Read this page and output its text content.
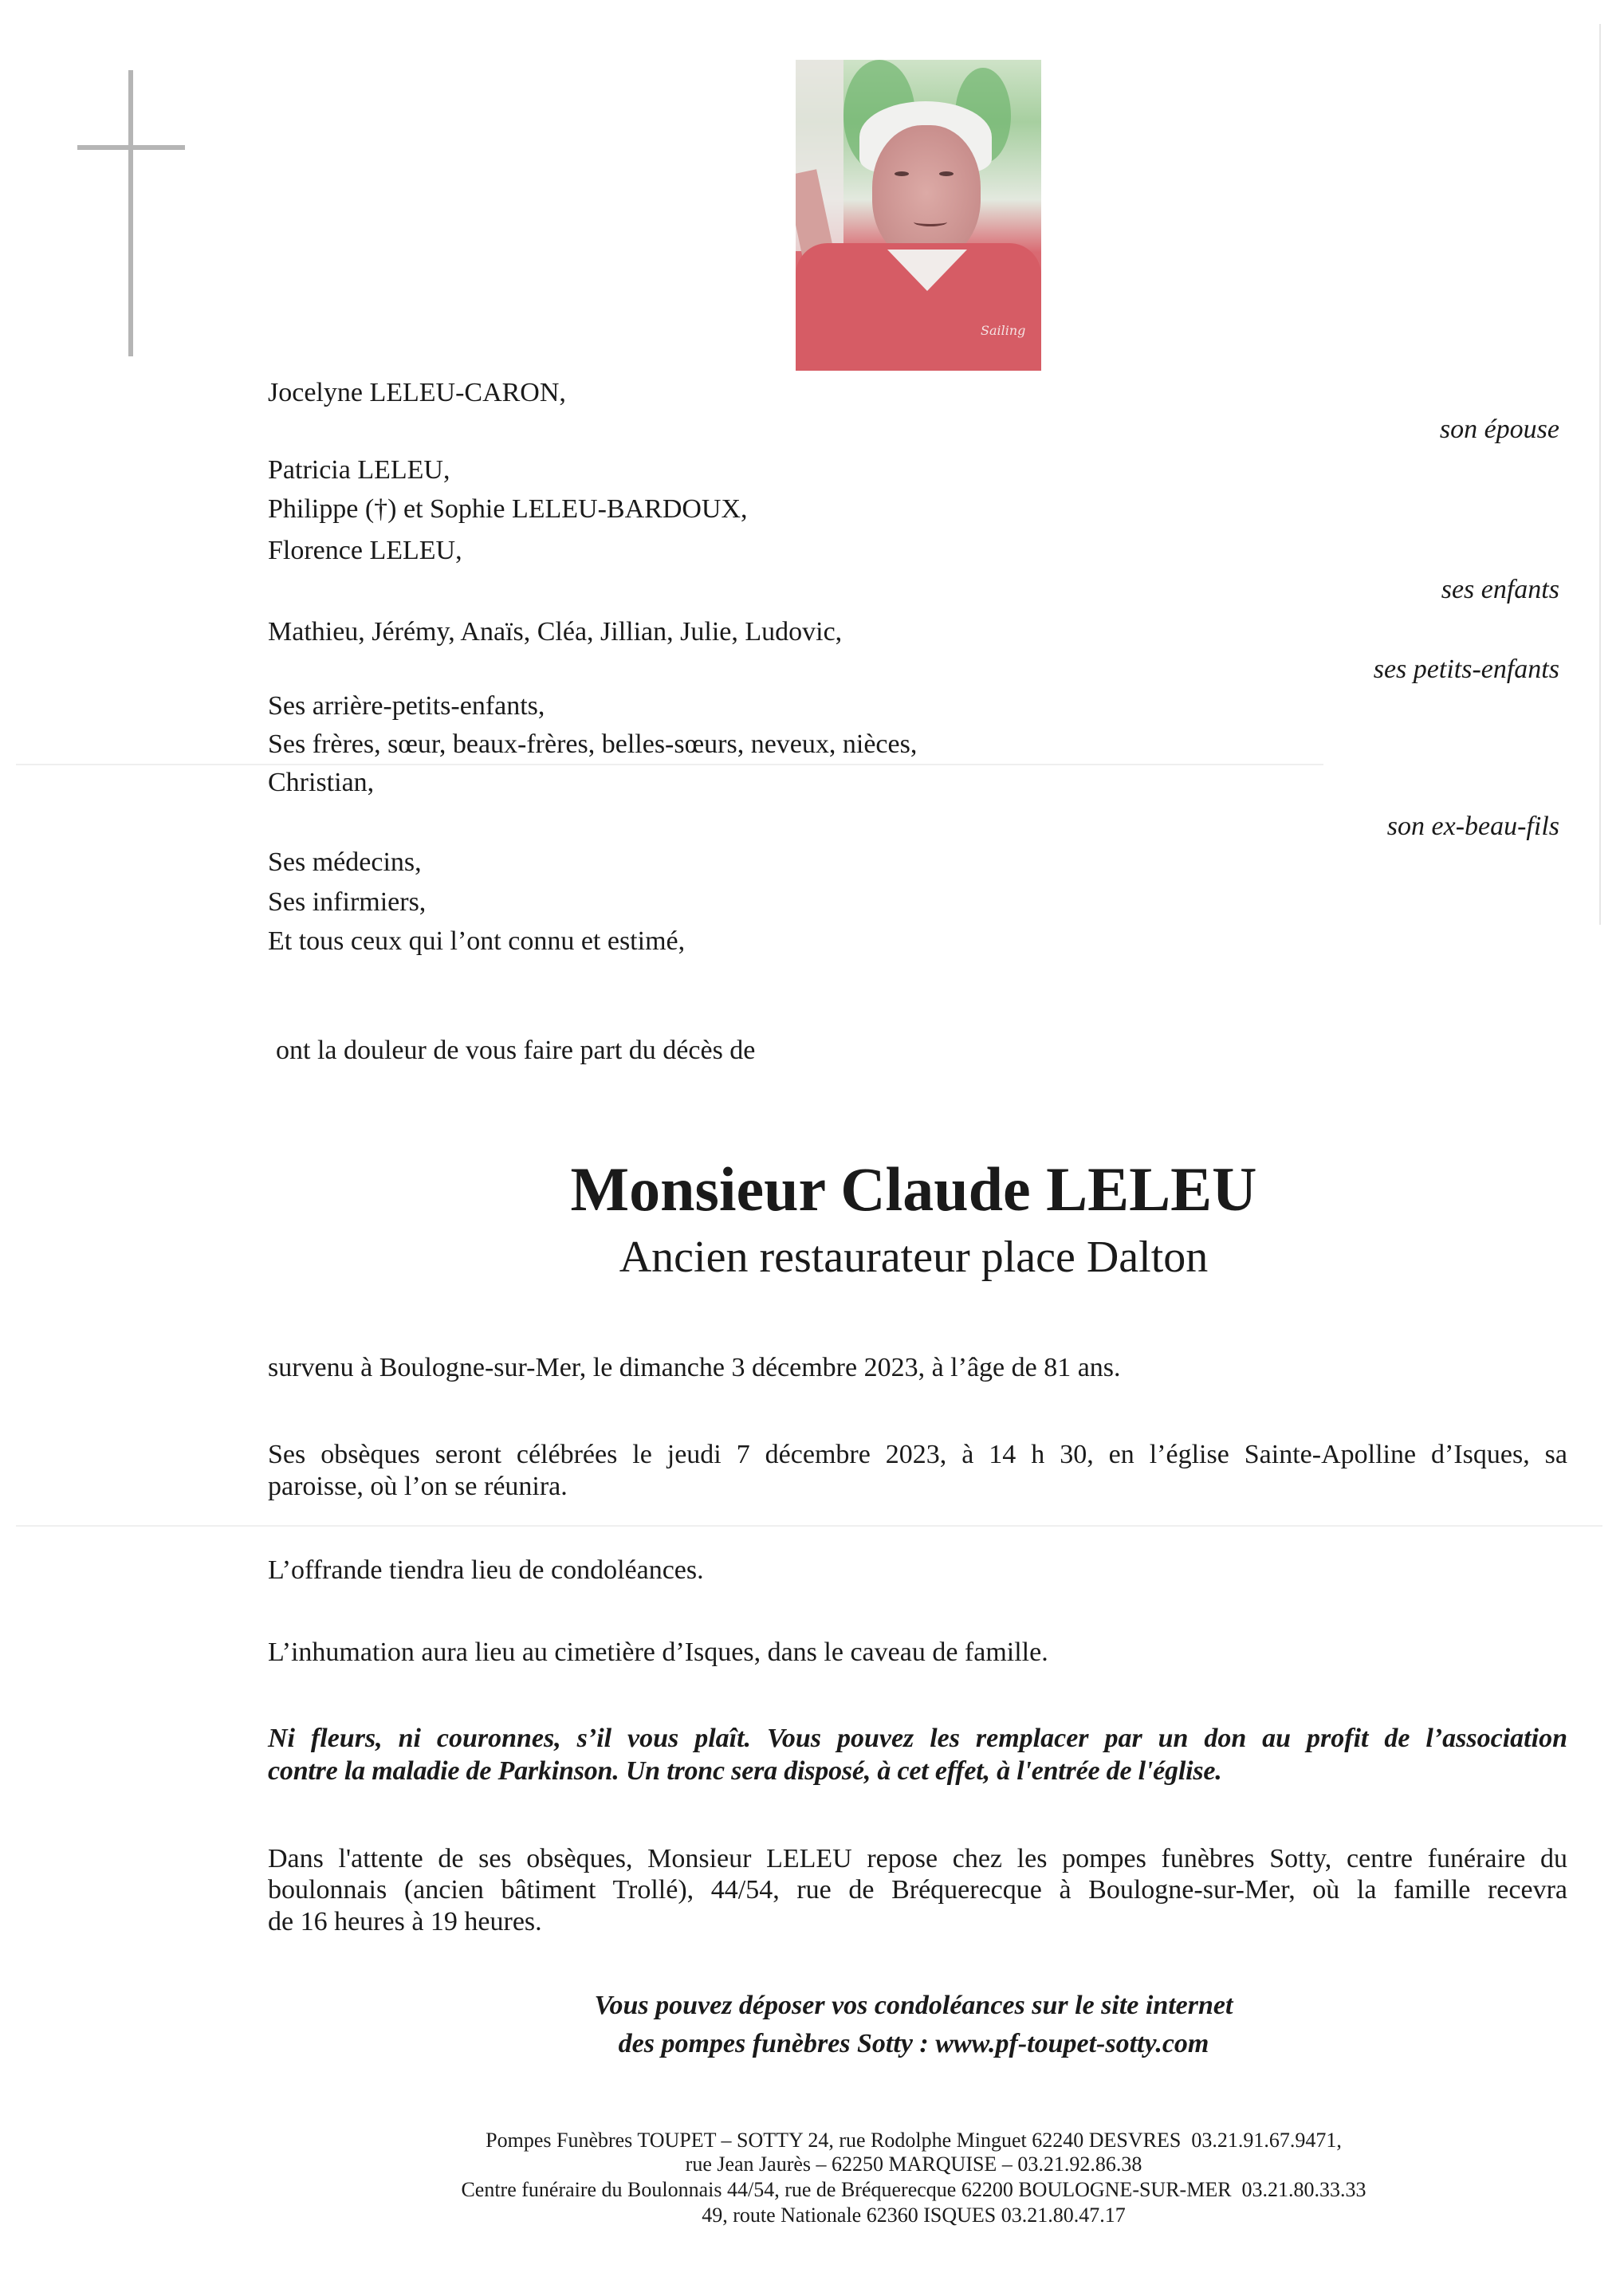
Sailing
Jocelyne LELEU-CARON,
Patricia LELEU,
Philippe (†) et Sophie LELEU-BARDOUX,
Florence LELEU,
Mathieu, Jérémy, Anaïs, Cléa, Jillian, Julie, Ludovic,
Ses arrière-petits-enfants,
Ses frères, sœur, beaux-frères, belles-sœurs, neveux, nièces,
Christian,
Ses médecins,
Ses infirmiers,
Et tous ceux qui l’ont connu et estimé,
son épouse
ses enfants
ses petits-enfants
son ex-beau-fils
ont la douleur de vous faire part du décès de
Monsieur Claude LELEU
Ancien restaurateur place Dalton
survenu à Boulogne-sur-Mer, le dimanche 3 décembre 2023, à l’âge de 81 ans.
Ses obsèques seront célébrées le jeudi 7 décembre 2023, à 14 h 30, en l’église Sainte-Apolline d’Isques, sa
paroisse, où l’on se réunira.
L’offrande tiendra lieu de condoléances.
L’inhumation aura lieu au cimetière d’Isques, dans le caveau de famille.
Ni fleurs, ni couronnes, s’il vous plaît. Vous pouvez les remplacer par un don au profit de l’association
contre la maladie de Parkinson. Un tronc sera disposé, à cet effet, à l'entrée de l'église.
Dans l'attente de ses obsèques, Monsieur LELEU repose chez les pompes funèbres Sotty, centre funéraire du
boulonnais (ancien bâtiment Trollé), 44/54, rue de Bréquerecque à Boulogne-sur-Mer, où la famille recevra
de 16 heures à 19 heures.
Vous pouvez déposer vos condoléances sur le site internet
des pompes funèbres Sotty : www.pf-toupet-sotty.com
Pompes Funèbres TOUPET – SOTTY 24, rue Rodolphe Minguet 62240 DESVRES  03.21.91.67.9471,
rue Jean Jaurès – 62250 MARQUISE – 03.21.92.86.38
Centre funéraire du Boulonnais 44/54, rue de Bréquerecque 62200 BOULOGNE-SUR-MER  03.21.80.33.33
49, route Nationale 62360 ISQUES 03.21.80.47.17
